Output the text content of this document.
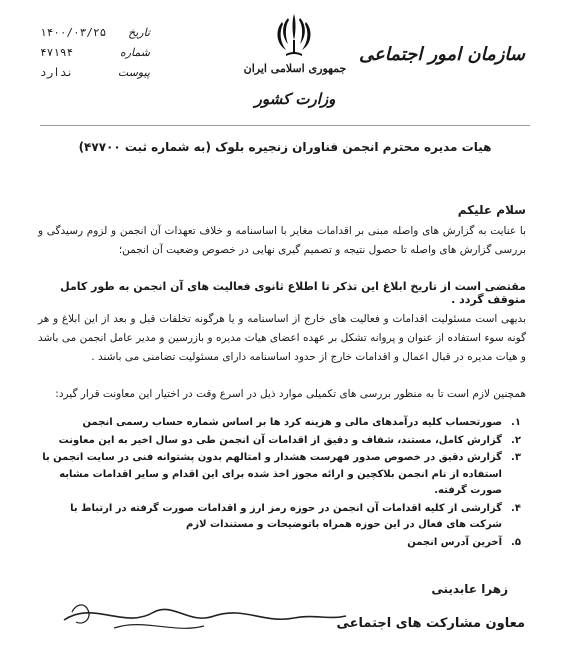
تاریخ
۱۴۰۰/۰۳/۲۵
شماره
۴۷۱۹۴
پیوست
ندارد	جمهوری اسلامی ایران
وزارت کشور
سازمان امور اجتماعی
هیات مدیره محترم انجمن فناوران زنجیره بلوک (به شماره ثبت ۴۷۷۰۰)
سلام علیکم
با عنایت به گزارش های واصله مبنی بر اقدامات مغایر با اساسنامه و خلاف تعهدات آن انجمن و لزوم رسیدگی و بررسی گزارش های واصله تا حصول نتیجه و تصمیم گیری نهایی در خصوص وضعیت آن انجمن؛
مقتضی است از تاریخ ابلاغ این تذکر تا اطلاع ثانوی فعالیت های آن انجمن به طور کامل متوقف گردد .
بدیهی است مسئولیت اقدامات و فعالیت های خارج از اساسنامه و یا هرگونه تخلفات قبل و بعد از این ابلاغ و هر گونه سوء استفاده از عنوان و پروانه تشکل بر عهده اعضای هیات مدیره و بازرسین و مدیر عامل انجمن می باشد و هیات مدیره در قبال اعمال و اقدامات خارج از حدود اساسنامه دارای مسئولیت تضامنی می باشند .
همچنین لازم است تا به منظور بررسی های تکمیلی موارد ذیل در اسرع وقت در اختیار این معاونت قرار گیرد:
۱.
صورتحساب کلیه درآمدهای مالی و هزینه کرد ها بر اساس شماره حساب رسمی انجمن
۲.
گزارش کامل، مستند، شفاف و دقیق از اقدامات آن انجمن طی دو سال اخیر به این معاونت
۳.
گزارش دقیق در خصوص صدور فهرست هشدار و امتالهم بدون پشتوانه فنی در سایت انجمن با استفاده از نام انجمن بلاکچین و ارائه مجوز اخذ شده برای این اقدام و سایر اقدامات مشابه صورت گرفته.
۴.
گزارشی از کلیه اقدامات آن انجمن در حوزه رمز ارز و اقدامات صورت گرفته در ارتباط با شرکت های فعال در این حوزه همراه باتوضیحات و مستندات لازم
۵.
آخرین آدرس انجمن
زهرا عابدینی
معاون مشارکت های اجتماعی
